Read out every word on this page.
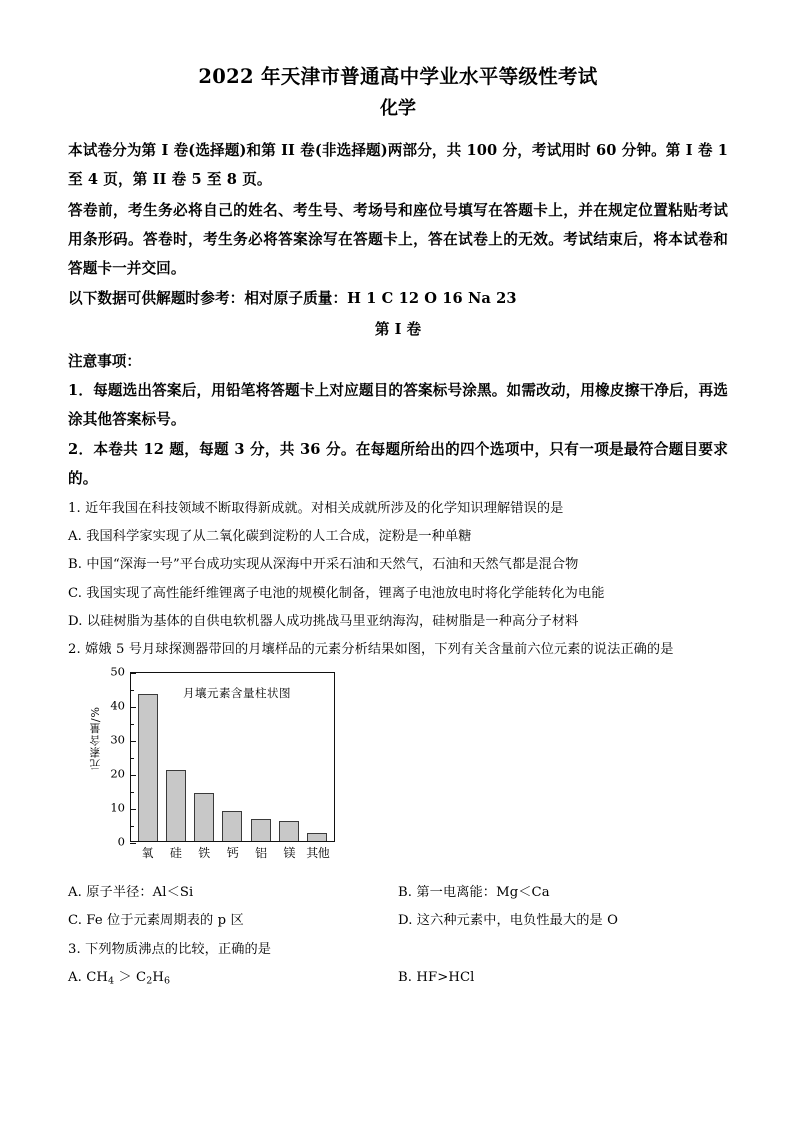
2022 年天津市普通高中学业水平等级性考试
化学

本试卷分为第 I 卷(选择题)和第 II 卷(非选择题)两部分，共 100 分，考试用时 60 分钟。第 I 卷 1 至 4 页，第 II 卷 5 至 8 页。

答卷前，考生务必将自己的姓名、考生号、考场号和座位号填写在答题卡上，并在规定位置粘贴考试用条形码。答卷时，考生务必将答案涂写在答题卡上，答在试卷上的无效。考试结束后，将本试卷和答题卡一并交回。

以下数据可供解题时参考：相对原子质量：H 1 C 12 O 16 Na 23

第 I 卷
注意事项：

1．每题选出答案后，用铅笔将答题卡上对应题目的答案标号涂黑。如需改动，用橡皮擦干净后，再选涂其他答案标号。

2．本卷共 12 题，每题 3 分，共 36 分。在每题所给出的四个选项中，只有一项是最符合题目要求的。

1. 近年我国在科技领域不断取得新成就。对相关成就所涉及的化学知识理解错误的是

A. 我国科学家实现了从二氧化碳到淀粉的人工合成，淀粉是一种单糖

B. 中国“深海一号”平台成功实现从深海中开采石油和天然气，石油和天然气都是混合物

C. 我国实现了高性能纤维锂离子电池的规模化制备，锂离子电池放电时将化学能转化为电能

D. 以硅树脂为基体的自供电软机器人成功挑战马里亚纳海沟，硅树脂是一种高分子材料

2. 嫦娥 5 号月球探测器带回的月壤样品的元素分析结果如图，下列有关含量前六位元素的说法正确的是

元素含量/%
0
10
20
30
40
50
月壤元素含量柱状图
氧	硅	铁	钙	铝	镁 其他
A. 原子半径：Al＜Si	B. 第一电离能：Mg＜Ca
C. Fe 位于元素周期表的 p 区	D. 这六种元素中，电负性最大的是 O

3. 下列物质沸点的比较，正确的是

A. $CH_4 > C_2H_6$	B. HF>HCl
